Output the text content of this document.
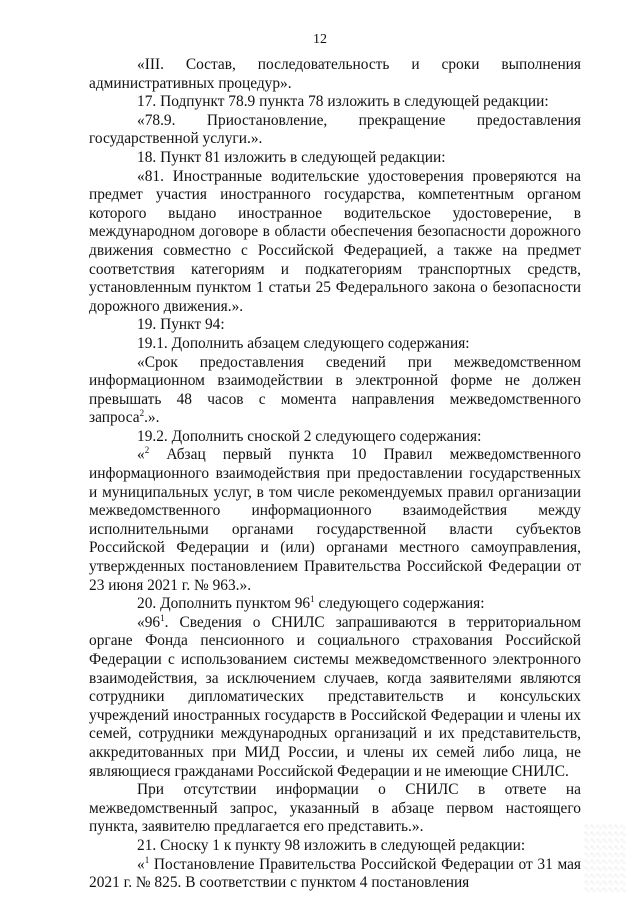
12

«III. Состав, последовательность и сроки выполнения административных процедур».

17. Подпункт 78.9 пункта 78 изложить в следующей редакции:

«78.9. Приостановление, прекращение предоставления государственной услуги.».

18. Пункт 81 изложить в следующей редакции:

«81. Иностранные водительские удостоверения проверяются на предмет участия иностранного государства, компетентным органом которого выдано иностранное водительское удостоверение, в международном договоре в области обеспечения безопасности дорожного движения совместно с Российской Федерацией, а также на предмет соответствия категориям и подкатегориям транспортных средств, установленным пунктом 1 статьи 25 Федерального закона о безопасности дорожного движения.».

19. Пункт 94:

19.1. Дополнить абзацем следующего содержания:

«Срок предоставления сведений при межведомственном информационном взаимодействии в электронной форме не должен превышать 48 часов с момента направления межведомственного запроса$^2$.».

19.2. Дополнить сноской 2 следующего содержания:

«$^2$ Абзац первый пункта 10 Правил межведомственного информационного взаимодействия при предоставлении государственных и муниципальных услуг, в том числе рекомендуемых правил организации межведомственного информационного взаимодействия между исполнительными органами государственной власти субъектов Российской Федерации и (или) органами местного самоуправления, утвержденных постановлением Правительства Российской Федерации от 23 июня 2021 г. № 963.».

20. Дополнить пунктом $96^1$ следующего содержания:

«$96^1$. Сведения о СНИЛС запрашиваются в территориальном органе Фонда пенсионного и социального страхования Российской Федерации с использованием системы межведомственного электронного взаимодействия, за исключением случаев, когда заявителями являются сотрудники дипломатических представительств и консульских учреждений иностранных государств в Российской Федерации и члены их семей, сотрудники международных организаций и их представительств, аккредитованных при МИД России, и члены их семей либо лица, не являющиеся гражданами Российской Федерации и не имеющие СНИЛС.

При отсутствии информации о СНИЛС в ответе на межведомственный запрос, указанный в абзаце первом настоящего пункта, заявителю предлагается его представить.».

21. Сноску 1 к пункту 98 изложить в следующей редакции:

«$^1$ Постановление Правительства Российской Федерации от 31 мая 2021 г. № 825. В соответствии с пунктом 4 постановления
